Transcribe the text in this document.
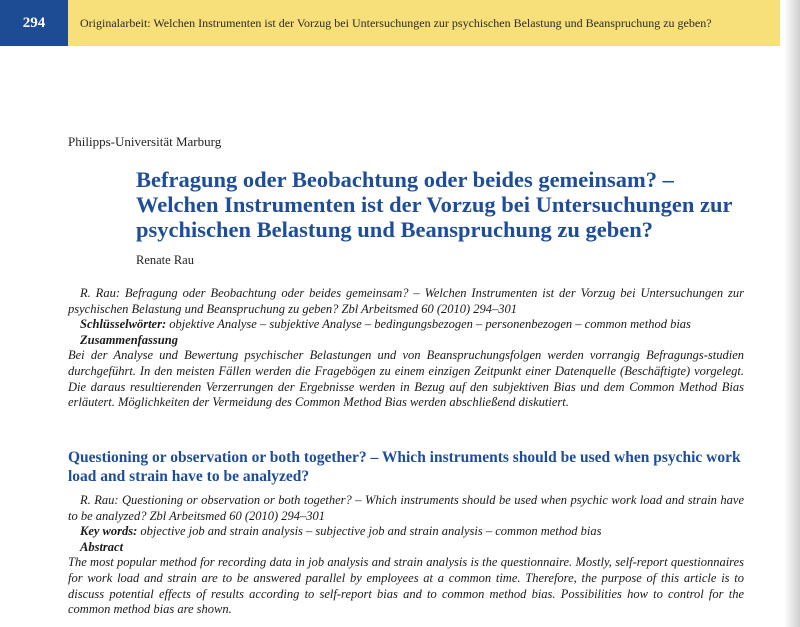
294	Originalarbeit: Welchen Instrumenten ist der Vorzug bei Untersuchungen zur psychischen Belastung und Beanspruchung zu geben?
Philipps-Universität Marburg
Befragung oder Beobachtung oder beides gemeinsam? –
Welchen Instrumenten ist der Vorzug bei Untersuchungen zur
psychischen Belastung und Beanspruchung zu geben?
Renate Rau

R. Rau: Befragung oder Beobachtung oder beides gemeinsam? – Welchen Instrumenten ist der Vorzug bei Untersuchungen zur psychischen Belastung und Beanspruchung zu geben? Zbl Arbeitsmed 60 (2010) 294–301

Schlüsselwörter: objektive Analyse – subjektive Analyse – bedingungsbezogen – personenbezogen – common method bias

Zusammenfassung

Bei der Analyse und Bewertung psychischer Belastungen und von Beanspruchungsfolgen werden vorrangig Befragungs-studien durchgeführt. In den meisten Fällen werden die Fragebögen zu einem einzigen Zeitpunkt einer Datenquelle (Beschäftigte) vorgelegt. Die daraus resultierenden Verzerrungen der Ergebnisse werden in Bezug auf den subjektiven Bias und dem Common Method Bias erläutert. Möglichkeiten der Vermeidung des Common Method Bias werden abschließend diskutiert.

Questioning or observation or both together? – Which instruments should be used when psychic work load and strain have to be analyzed?

R. Rau: Questioning or observation or both together? – Which instruments should be used when psychic work load and strain have to be analyzed? Zbl Arbeitsmed 60 (2010) 294–301

Key words: objective job and strain analysis – subjective job and strain analysis – common method bias

Abstract

The most popular method for recording data in job analysis and strain analysis is the questionnaire. Mostly, self-report questionnaires for work load and strain are to be answered parallel by employees at a common time. Therefore, the purpose of this article is to discuss potential effects of results according to self-report bias and to common method bias. Possibilities how to control for the common method bias are shown.
